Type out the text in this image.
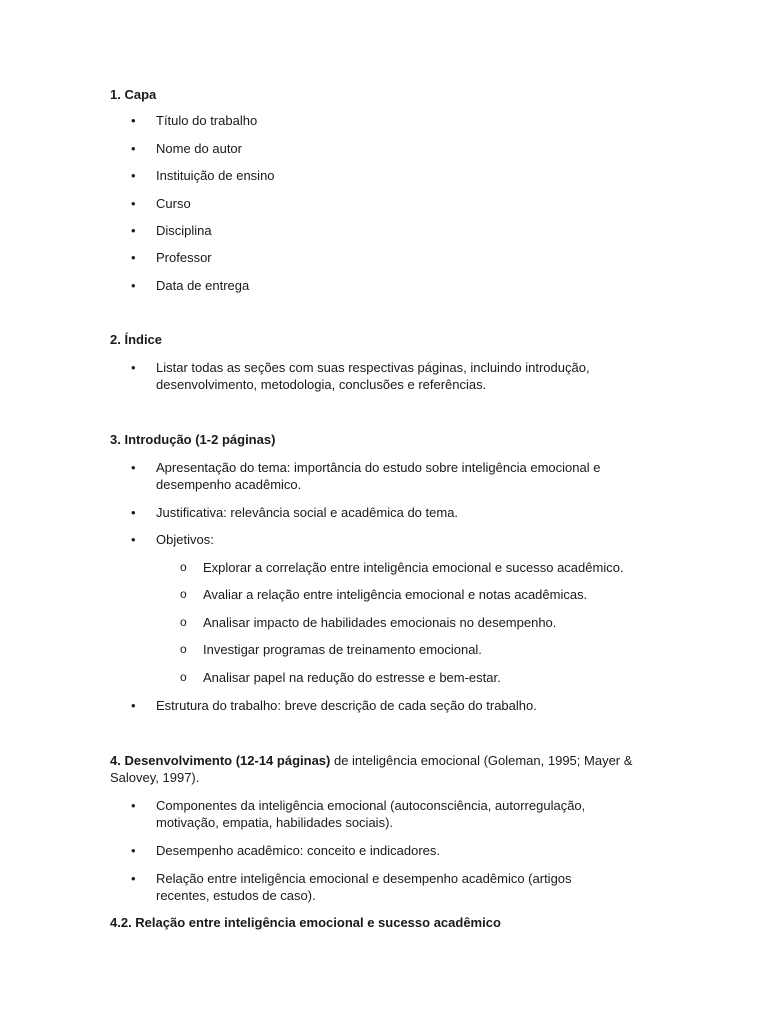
1. Capa
•	Título do trabalho
•	Nome do autor
•	Instituição de ensino
•	Curso
•	Disciplina
•	Professor
•	Data de entrega
2. Índice
•	Listar todas as seções com suas respectivas páginas, incluindo introdução, desenvolvimento, metodologia, conclusões e referências.
3. Introdução (1-2 páginas)
•	Apresentação do tema: importância do estudo sobre inteligência emocional e desempenho acadêmico.
•	Justificativa: relevância social e acadêmica do tema.
•	Objetivos:
o Explorar a correlação entre inteligência emocional e sucesso acadêmico.
o Avaliar a relação entre inteligência emocional e notas acadêmicas.
o Analisar impacto de habilidades emocionais no desempenho.
o Investigar programas de treinamento emocional.
o Analisar papel na redução do estresse e bem-estar.
•	Estrutura do trabalho: breve descrição de cada seção do trabalho.
4. Desenvolvimento (12-14 páginas) de inteligência emocional (Goleman, 1995; Mayer & Salovey, 1997).
•	Componentes da inteligência emocional (autoconsciência, autorregulação, motivação, empatia, habilidades sociais).
•	Desempenho acadêmico: conceito e indicadores.
•	Relação entre inteligência emocional e desempenho acadêmico (artigos recentes, estudos de caso).
4.2. Relação entre inteligência emocional e sucesso acadêmico
